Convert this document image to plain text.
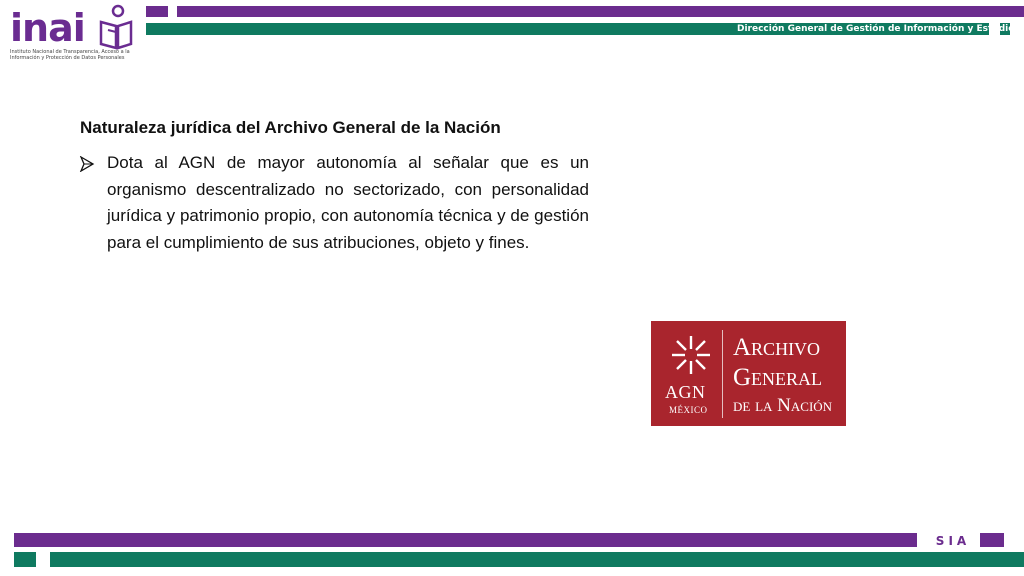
inai
Instituto Nacional de Transparencia, Acceso a la Información y Protección de Datos Personales
Dirección General de Gestión de Información y Estudios
Naturaleza jurídica del Archivo General de la Nación
Dota al AGN de mayor autonomía al señalar que es un organismo descentralizado no sectorizado, con personalidad jurídica y patrimonio propio, con autonomía técnica y de gestión para el cumplimiento de sus atribuciones, objeto y fines.
AGN
MÉXICO
Archivo
General
de la Nación
SIA
